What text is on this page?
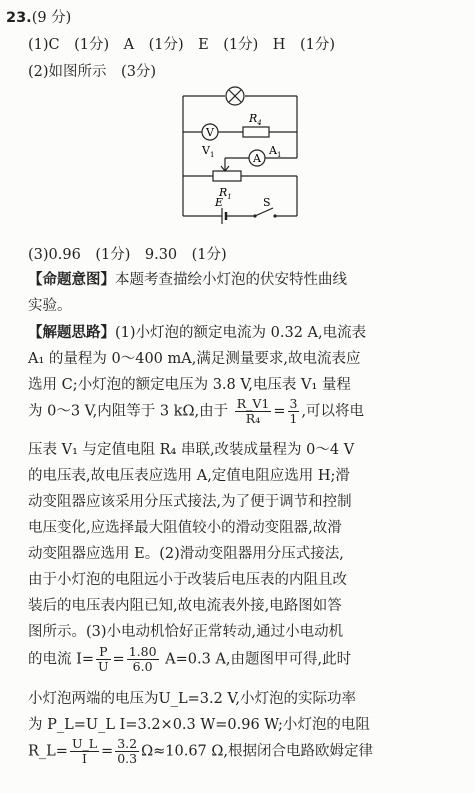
23.(9 分)
(1)C　(1分)　A　(1分)　E　(1分)　H　(1分)
(2)如图所示　(3分)
V
$V_1$
$R_4$
A
$A_1$
$R_1$
E	S
(3)0.96　(1分)　9.30　(1分)
【命题意图】本题考查描绘小灯泡的伏安特性曲线
实验。
【解题思路】(1)小灯泡的额定电流为 0.32 A,电流表
A₁ 的量程为 0～400 mA,满足测量要求,故电流表应
选用 C;小灯泡的额定电压为 3.8 V,电压表 V₁ 量程
为 0～3 V,内阻等于 3 kΩ,由于 $\frac{R\_V1}{\text{R₄}} = \frac{3}{1}$ ,可以将电
压表 V₁ 与定值电阻 R₄ 串联,改装成量程为 0～4 V
的电压表,故电压表应选用 A,定值电阻应选用 H;滑
动变阻器应该采用分压式接法,为了便于调节和控制
电压变化,应选择最大阻值较小的滑动变阻器,故滑
动变阻器应选用 E。(2)滑动变阻器用分压式接法,
由于小灯泡的电阻远小于改装后电压表的内阻且改
装后的电压表内阻已知,故电流表外接,电路图如答
图所示。(3)小电动机恰好正常转动,通过小电动机
的电流 $I= \frac{P}{U} = \frac{1.80}{6.0} A=0.3$ A,由题图甲可得,此时
小灯泡两端的电压为U_L=3.2 V,小灯泡的实际功率
为 P_L=U_L I=3.2×0.3 W=0.96 W;小灯泡的电阻
R_L= $\frac{U\_L}{I} = \frac{3.2}{0.3} \Omega\approx 10.67$ Ω,根据闭合电路欧姆定律
